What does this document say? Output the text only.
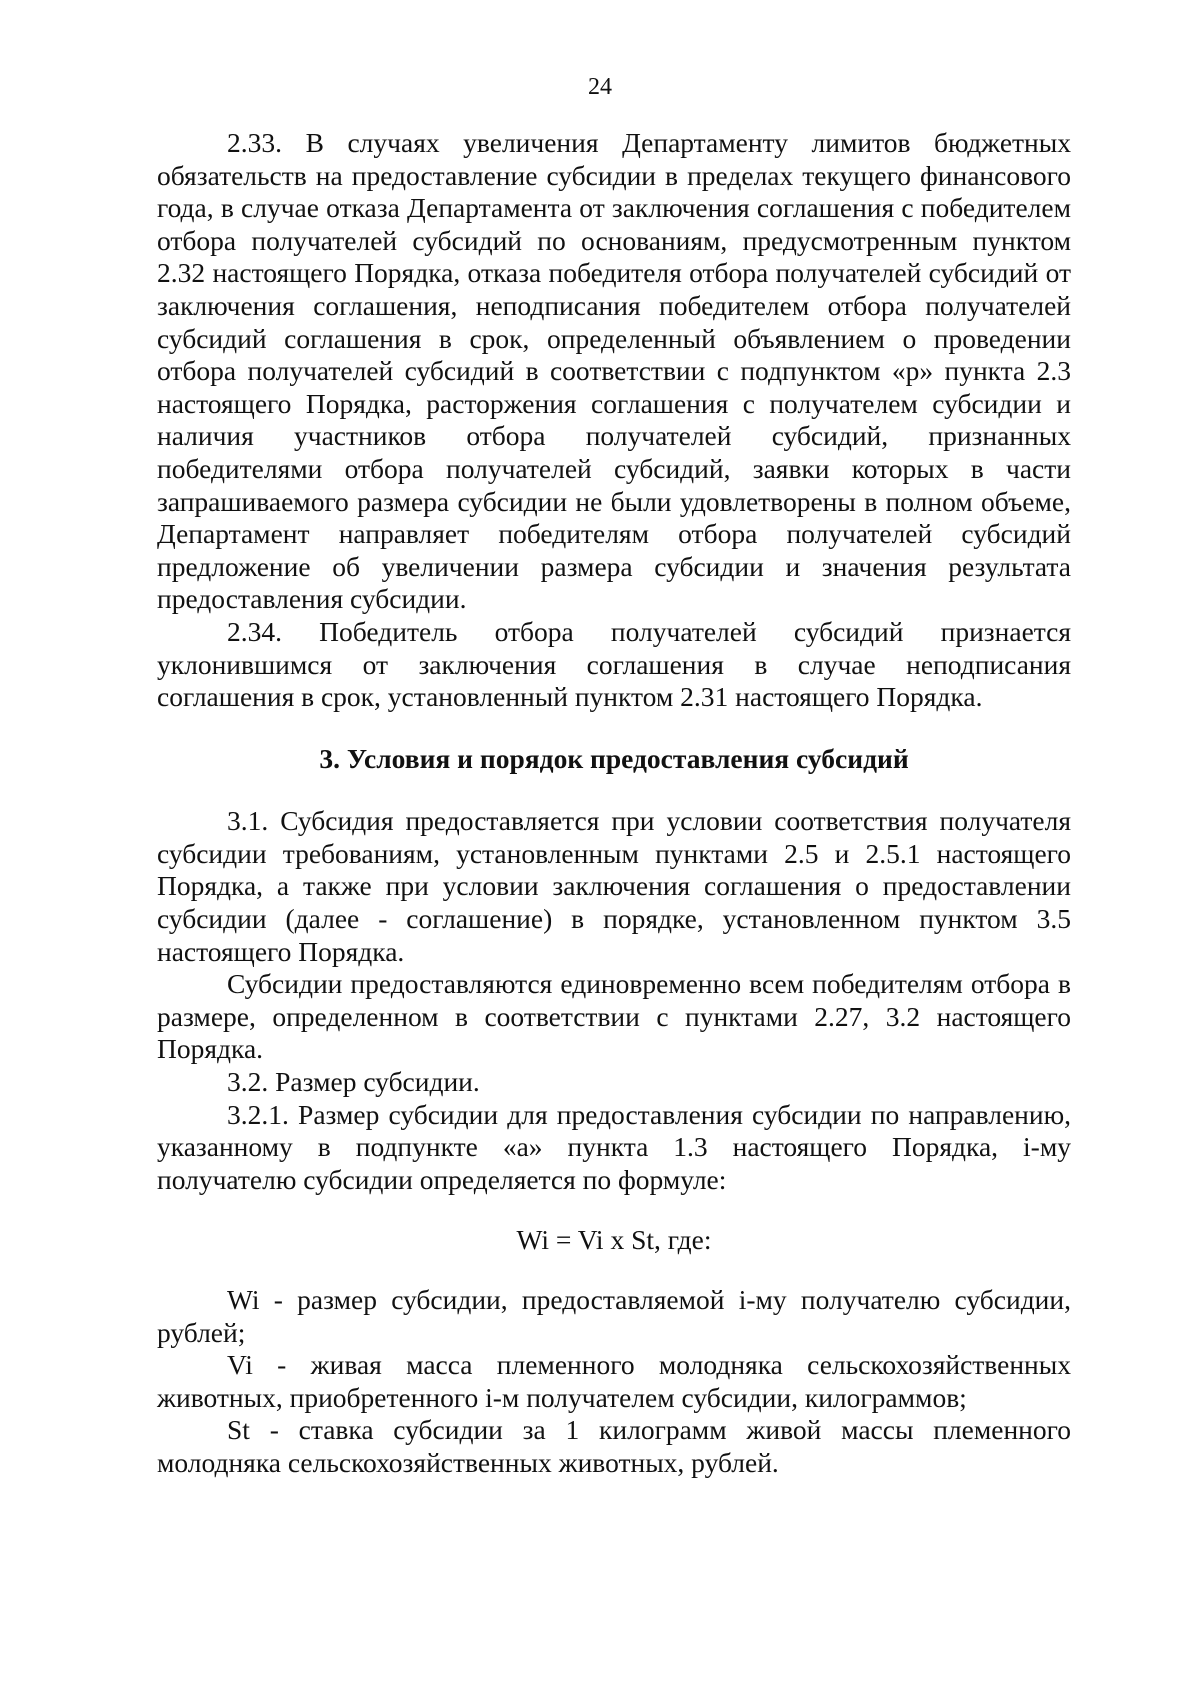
24

2.33. В случаях увеличения Департаменту лимитов бюджетных обязательств на предоставление субсидии в пределах текущего финансового года, в случае отказа Департамента от заключения соглашения с победителем отбора получателей субсидий по основаниям, предусмотренным пунктом 2.32 настоящего Порядка, отказа победителя отбора получателей субсидий от заключения соглашения, неподписания победителем отбора получателей субсидий соглашения в срок, определенный объявлением о проведении отбора получателей субсидий в соответствии с подпунктом «р» пункта 2.3 настоящего Порядка, расторжения соглашения с получателем субсидии и наличия участников отбора получателей субсидий, признанных победителями отбора получателей субсидий, заявки которых в части запрашиваемого размера субсидии не были удовлетворены в полном объеме, Департамент направляет победителям отбора получателей субсидий предложение об увеличении размера субсидии и значения результата предоставления субсидии.

2.34. Победитель отбора получателей субсидий признается уклонившимся от заключения соглашения в случае неподписания соглашения в срок, установленный пунктом 2.31 настоящего Порядка.

3. Условия и порядок предоставления субсидий

3.1. Субсидия предоставляется при условии соответствия получателя субсидии требованиям, установленным пунктами 2.5 и 2.5.1 настоящего Порядка, а также при условии заключения соглашения о предоставлении субсидии (далее - соглашение) в порядке, установленном пунктом 3.5 настоящего Порядка.

Субсидии предоставляются единовременно всем победителям отбора в размере, определенном в соответствии с пунктами 2.27, 3.2 настоящего Порядка.

3.2. Размер субсидии.

3.2.1. Размер субсидии для предоставления субсидии по направлению, указанному в подпункте «а» пункта 1.3 настоящего Порядка, i-му получателю субсидии определяется по формуле:

Wi = Vi x St, где:

Wi - размер субсидии, предоставляемой i-му получателю субсидии, рублей;

Vi - живая масса племенного молодняка сельскохозяйственных животных, приобретенного i-м получателем субсидии, килограммов;

St - ставка субсидии за 1 килограмм живой массы племенного молодняка сельскохозяйственных животных, рублей.
